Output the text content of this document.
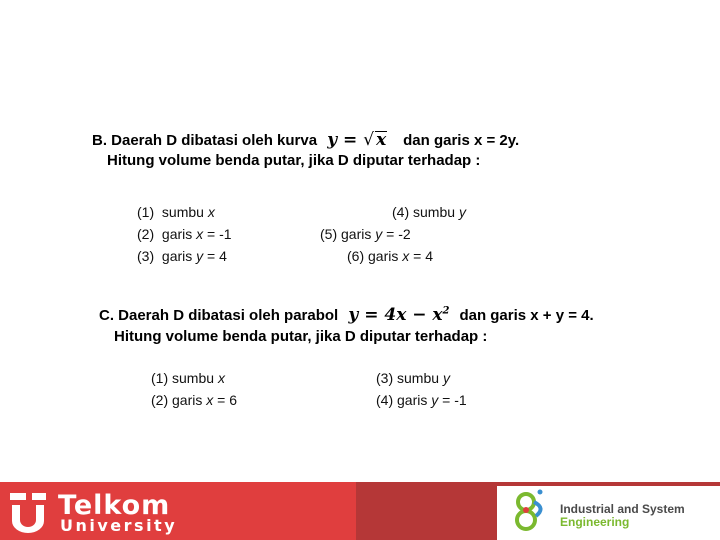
B. Daerah D dibatasi oleh kurva y = √ x dan garis x = 2y.
Hitung volume benda putar, jika D diputar terhadap :
(1) sumbu x
(2) garis x = -1
(3) garis y = 4
(4) sumbu y
(5) garis y = -2
(6) garis x = 4
C. Daerah D dibatasi oleh parabol $y = 4x - x^2$ dan garis x + y = 4.
Hitung volume benda putar, jika D diputar terhadap :
(1) sumbu x
(2) garis x = 6
(3) sumbu y
(4) garis y = -1
Telkom
University
Industrial and System
Engineering
